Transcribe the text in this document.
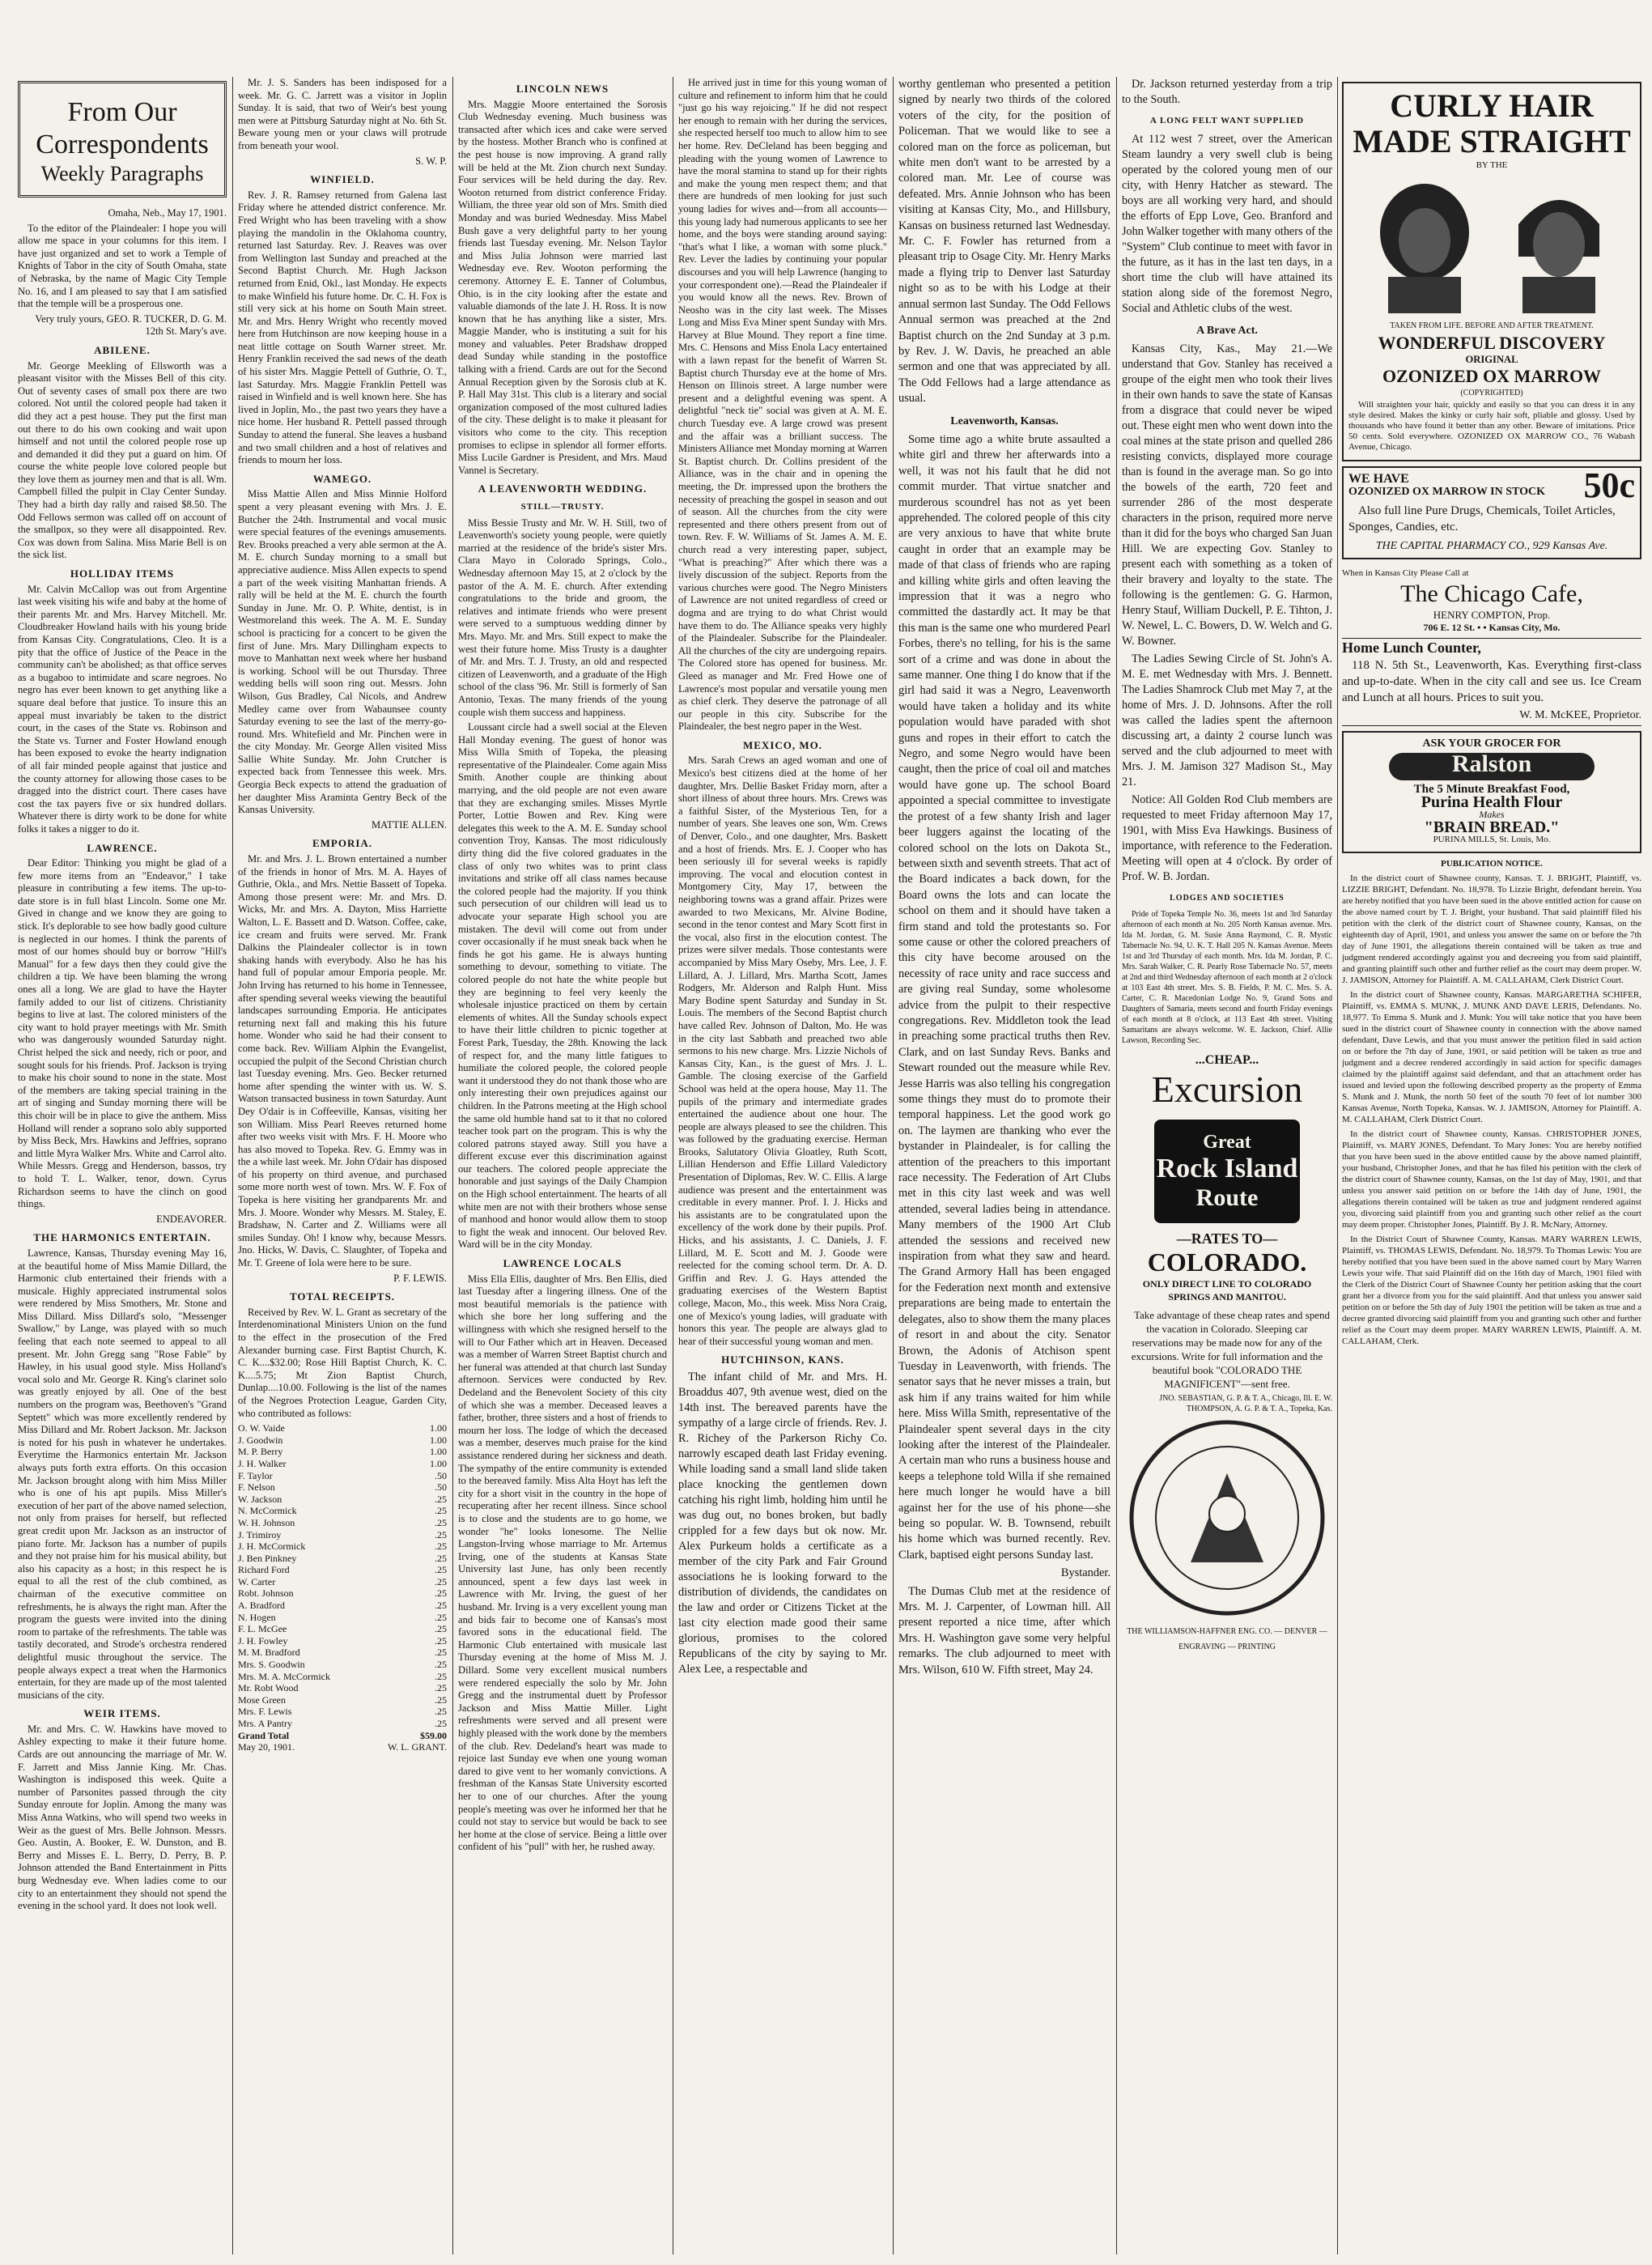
From Our Correspondents
Weekly Paragraphs

Omaha, Neb., May 17, 1901.

To the editor of the Plaindealer: I hope you will allow me space in your columns for this item. I have just organized and set to work a Temple of Knights of Tabor in the city of South Omaha, state of Nebraska, by the name of Magic City Temple No. 16, and I am pleased to say that I am satisfied that the temple will be a prosperous one.

Very truly yours, GEO. R. TUCKER, D. G. M. 12th St. Mary's ave.

ABILENE.

Mr. George Meekling of Ellsworth was a pleasant visitor with the Misses Bell of this city. Out of seventy cases of small pox there are two colored. Not until the colored people had taken it did they act a pest house. They put the first man out there to do his own cooking and wait upon himself and not until the colored people rose up and demanded it did they put a guard on him. Of course the white people love colored people but they love them as journey men and that is all. Wm. Campbell filled the pulpit in Clay Center Sunday. They had a birth day rally and raised $8.50. The Odd Fellows sermon was called off on account of the smallpox, so they were all disappointed. Rev. Cox was down from Salina. Miss Marie Bell is on the sick list.

HOLLIDAY ITEMS

Mr. Calvin McCallop was out from Argentine last week visiting his wife and baby at the home of their parents Mr. and Mrs. Harvey Mitchell. Mr. Cloudbreaker Howland hails with his young bride from Kansas City. Congratulations, Cleo. It is a pity that the office of Justice of the Peace in the community can't be abolished; as that office serves as a bugaboo to intimidate and scare negroes. No negro has ever been known to get anything like a square deal before that justice. To insure this an appeal must invariably be taken to the district court, in the cases of the State vs. Robinson and the State vs. Turner and Foster Howland enough has been exposed to evoke the hearty indignation of all fair minded people against that justice and the county attorney for allowing those cases to be dragged into the district court. There cases have cost the tax payers five or six hundred dollars. Whatever there is dirty work to be done for white folks it takes a nigger to do it.

LAWRENCE.

Dear Editor: Thinking you might be glad of a few more items from an "Endeavor," I take pleasure in contributing a few items. The up-to-date store is in full blast Lincoln. Some one Mr. Gived in change and we know they are going to stick. It's deplorable to see how badly good culture is neglected in our homes. I think the parents of most of our homes should buy or borrow "Hill's Manual" for a few days then they could give the children a tip. We have been blaming the wrong ones all a long. We are glad to have the Hayter family added to our list of citizens. Christianity begins to live at last. The colored ministers of the city want to hold prayer meetings with Mr. Smith who was dangerously wounded Saturday night. Christ helped the sick and needy, rich or poor, and sought souls for his friends. Prof. Jackson is trying to make his choir sound to none in the state. Most of the members are taking special training in the art of singing and Sunday morning there will be this choir will be in place to give the anthem. Miss Holland will render a soprano solo ably supported by Miss Beck, Mrs. Hawkins and Jeffries, soprano and little Myra Walker Mrs. White and Carrol alto. While Messrs. Gregg and Henderson, bassos, try to hold T. L. Walker, tenor, down. Cyrus Richardson seems to have the clinch on good things.

ENDEAVORER.

THE HARMONICS ENTERTAIN.

Lawrence, Kansas, Thursday evening May 16, at the beautiful home of Miss Mamie Dillard, the Harmonic club entertained their friends with a musicale. Highly appreciated instrumental solos were rendered by Miss Smothers, Mr. Stone and Miss Dillard. Miss Dillard's solo, "Messenger Swallow," by Lange, was played with so much feeling that each note seemed to appeal to all present. Mr. John Gregg sang "Rose Fable" by Hawley, in his usual good style. Miss Holland's vocal solo and Mr. George R. King's clarinet solo was greatly enjoyed by all. One of the best numbers on the program was, Beethoven's "Grand Septett" which was more excellently rendered by Miss Dillard and Mr. Robert Jackson. Mr. Jackson is noted for his push in whatever he undertakes. Everytime the Harmonics entertain Mr. Jackson always puts forth extra efforts. On this occasion Mr. Jackson brought along with him Miss Miller who is one of his apt pupils. Miss Miller's execution of her part of the above named selection, not only from praises for herself, but reflected great credit upon Mr. Jackson as an instructor of piano forte. Mr. Jackson has a number of pupils and they not praise him for his musical ability, but also his capacity as a host; in this respect he is equal to all the rest of the club combined, as chairman of the executive committee on refreshments, he is always the right man. After the program the guests were invited into the dining room to partake of the refreshments. The table was tastily decorated, and Strode's orchestra rendered delightful music throughout the service. The people always expect a treat when the Harmonics entertain, for they are made up of the most talented musicians of the city.

WEIR ITEMS.

Mr. and Mrs. C. W. Hawkins have moved to Ashley expecting to make it their future home. Cards are out announcing the marriage of Mr. W. F. Jarrett and Miss Jannie King. Mr. Chas. Washington is indisposed this week. Quite a number of Parsonites passed through the city Sunday enroute for Joplin. Among the many was Miss Anna Watkins, who will spend two weeks in Weir as the guest of Mrs. Belle Johnson. Messrs. Geo. Austin, A. Booker, E. W. Dunston, and B. Berry and Misses E. L. Berry, D. Perry, B. P. Johnson attended the Band Entertainment in Pitts burg Wednesday eve. When ladies come to our city to an entertainment they should not spend the evening in the school yard. It does not look well.

Mr. J. S. Sanders has been indisposed for a week. Mr. G. C. Jarrett was a visitor in Joplin Sunday. It is said, that two of Weir's best young men were at Pittsburg Saturday night at No. 6th St. Beware young men or your claws will protrude from beneath your wool.

S. W. P.

WINFIELD.

Rev. J. R. Ramsey returned from Galena last Friday where he attended district conference. Mr. Fred Wright who has been traveling with a show playing the mandolin in the Oklahoma country, returned last Saturday. Rev. J. Reaves was over from Wellington last Sunday and preached at the Second Baptist Church. Mr. Hugh Jackson returned from Enid, Okl., last Monday. He expects to make Winfield his future home. Dr. C. H. Fox is still very sick at his home on South Main street. Mr. and Mrs. Henry Wright who recently moved here from Hutchinson are now keeping house in a neat little cottage on South Warner street. Mr. Henry Franklin received the sad news of the death of his sister Mrs. Maggie Pettell of Guthrie, O. T., last Saturday. Mrs. Maggie Franklin Pettell was raised in Winfield and is well known here. She has lived in Joplin, Mo., the past two years they have a nice home. Her husband R. Pettell passed through Sunday to attend the funeral. She leaves a husband and two small children and a host of relatives and friends to mourn her loss.

WAMEGO.

Miss Mattie Allen and Miss Minnie Holford spent a very pleasant evening with Mrs. J. E. Butcher the 24th. Instrumental and vocal music were special features of the evenings amusements. Rev. Brooks preached a very able sermon at the A. M. E. church Sunday morning to a small but appreciative audience. Miss Allen expects to spend a part of the week visiting Manhattan friends. A rally will be held at the M. E. church the fourth Sunday in June. Mr. O. P. White, dentist, is in Westmoreland this week. The A. M. E. Sunday school is practicing for a concert to be given the first of June. Mrs. Mary Dillingham expects to move to Manhattan next week where her husband is working. School will be out Thursday. Three wedding bells will soon ring out. Messrs. John Wilson, Gus Bradley, Cal Nicols, and Andrew Medley came over from Wabaunsee county Saturday evening to see the last of the merry-go-round. Mrs. Whitefield and Mr. Pinchen were in the city Monday. Mr. George Allen visited Miss Sallie White Sunday. Mr. John Crutcher is expected back from Tennessee this week. Mrs. Georgia Beck expects to attend the graduation of her daughter Miss Araminta Gentry Beck of the Kansas University.

MATTIE ALLEN.

EMPORIA.

Mr. and Mrs. J. L. Brown entertained a number of the friends in honor of Mrs. M. A. Hayes of Guthrie, Okla., and Mrs. Nettie Bassett of Topeka. Among those present were: Mr. and Mrs. D. Wicks, Mr. and Mrs. A. Dayton, Miss Harriette Walton, L. E. Bassett and D. Watson. Coffee, cake, ice cream and fruits were served. Mr. Frank Dalkins the Plaindealer collector is in town shaking hands with everybody. Also he has his hand full of popular amour Emporia people. Mr. John Irving has returned to his home in Tennessee, after spending several weeks viewing the beautiful landscapes surrounding Emporia. He anticipates returning next fall and making this his future home. Wonder who said he had their consent to come back. Rev. William Alphin the Evangelist, occupied the pulpit of the Second Christian church last Tuesday evening. Mrs. Geo. Becker returned home after spending the winter with us. W. S. Watson transacted business in town Saturday. Aunt Dey O'dair is in Coffeeville, Kansas, visiting her son William. Miss Pearl Reeves returned home after two weeks visit with Mrs. F. H. Moore who has also moved to Topeka. Rev. G. Emmy was in the a while last week. Mr. John O'dair has disposed of his property on third avenue, and purchased some more north west of town. Mrs. W. F. Fox of Topeka is here visiting her grandparents Mr. and Mrs. J. Moore. Wonder why Messrs. M. Staley, E. Bradshaw, N. Carter and Z. Williams were all smiles Sunday. Oh! I know why, because Messrs. Jno. Hicks, W. Davis, C. Slaughter, of Topeka and Mr. T. Greene of Iola were here to be sure.

P. F. LEWIS.

TOTAL RECEIPTS.

Received by Rev. W. L. Grant as secretary of the Interdenominational Ministers Union on the fund to the effect in the prosecution of the Fred Alexander burning case. First Baptist Church, K. C. K....$32.00; Rose Hill Baptist Church, K. C. K....5.75; Mt Zion Baptist Church, Dunlap....10.00. Following is the list of the names of the Negroes Protection League, Garden City, who contributed as follows:

O. W. Vaide	1.00
J. Goodwin	1.00
M. P. Berry	1.00
J. H. Walker	1.00
F. Taylor	.50
F. Nelson	.50
W. Jackson	.25
N. McCormick	.25
W. H. Johnson	.25
J. Trimiroy	.25
J. H. McCormick	.25
J. Ben Pinkney	.25
Richard Ford	.25
W. Carter	.25
Robt. Johnson	.25
A. Bradford	.25
N. Hogen	.25
F. L. McGee	.25
J. H. Fowley	.25
M. M. Bradford	.25
Mrs. S. Goodwin	.25
Mrs. M. A. McCormick	.25
Mr. Robt Wood	.25
Mose Green	.25
Mrs. F. Lewis	.25
Mrs. A Pantry	.25
Grand Total	$59.00
May 20, 1901.	W. L. GRANT.
LINCOLN NEWS

Mrs. Maggie Moore entertained the Sorosis Club Wednesday evening. Much business was transacted after which ices and cake were served by the hostess. Mother Branch who is confined at the pest house is now improving. A grand rally will be held at the Mt. Zion church next Sunday. Four services will be held during the day. Rev. Wooton returned from district conference Friday. William, the three year old son of Mrs. Smith died Monday and was buried Wednesday. Miss Mabel Bush gave a very delightful party to her young friends last Tuesday evening. Mr. Nelson Taylor and Miss Julia Johnson were married last Wednesday eve. Rev. Wooton performing the ceremony. Attorney E. E. Tanner of Columbus, Ohio, is in the city looking after the estate and valuable diamonds of the late J. H. Ross. It is now known that he has anything like a sister, Mrs. Maggie Mander, who is instituting a suit for his money and valuables. Peter Bradshaw dropped dead Sunday while standing in the postoffice talking with a friend. Cards are out for the Second Annual Reception given by the Sorosis club at K. P. Hall May 31st. This club is a literary and social organization composed of the most cultured ladies of the city. These delight is to make it pleasant for visitors who come to the city. This reception promises to eclipse in splendor all former efforts. Miss Lucile Gardner is President, and Mrs. Maud Vannel is Secretary.

A LEAVENWORTH WEDDING.
STILL—TRUSTY.

Miss Bessie Trusty and Mr. W. H. Still, two of Leavenworth's society young people, were quietly married at the residence of the bride's sister Mrs. Clara Mayo in Colorado Springs, Colo., Wednesday afternoon May 15, at 2 o'clock by the pastor of the A. M. E. church. After extending congratulations to the bride and groom, the relatives and intimate friends who were present were served to a sumptuous wedding dinner by Mrs. Mayo. Mr. and Mrs. Still expect to make the west their future home. Miss Trusty is a daughter of Mr. and Mrs. T. J. Trusty, an old and respected citizen of Leavenworth, and a graduate of the High school of the class '96. Mr. Still is formerly of San Antonio, Texas. The many friends of the young couple wish them success and happiness.

Loussant circle had a swell social at the Eleven Hall Monday evening. The guest of honor was Miss Willa Smith of Topeka, the pleasing representative of the Plaindealer. Come again Miss Smith. Another couple are thinking about marrying, and the old people are not even aware that they are exchanging smiles. Misses Myrtle Porter, Lottie Bowen and Rev. King were delegates this week to the A. M. E. Sunday school convention Troy, Kansas. The most ridiculously dirty thing did the five colored graduates in the class of only two whites was to print class invitations and strike off all class names because the colored people had the majority. If you think such persecution of our children will lead us to advocate your separate High school you are mistaken. The devil will come out from under cover occasionally if he must sneak back when he finds he got his game. He is always hunting something to devour, something to vitiate. The colored people do not hate the white people but they are beginning to feel very keenly the wholesale injustice practiced on them by certain elements of whites. All the Sunday schools expect to have their little children to picnic together at Forest Park, Tuesday, the 28th. Knowing the lack of respect for, and the many little fatigues to humiliate the colored people, the colored people want it understood they do not thank those who are only interesting their own prejudices against our children. In the Patrons meeting at the High school the same old humble hand sat to it that no colored teacher took part on the program. This is why the colored patrons stayed away. Still you have a different excuse ever this discrimination against our teachers. The colored people appreciate the honorable and just sayings of the Daily Champion on the High school entertainment. The hearts of all white men are not with their brothers whose sense of manhood and honor would allow them to stoop to fight the weak and innocent. Our beloved Rev. Ward will be in the city Monday.

LAWRENCE LOCALS

Miss Ella Ellis, daughter of Mrs. Ben Ellis, died last Tuesday after a lingering illness. One of the most beautiful memorials is the patience with which she bore her long suffering and the willingness with which she resigned herself to the will to Our Father which art in Heaven. Deceased was a member of Warren Street Baptist church and her funeral was attended at that church last Sunday afternoon. Services were conducted by Rev. Dedeland and the Benevolent Society of this city of which she was a member. Deceased leaves a father, brother, three sisters and a host of friends to mourn her loss. The lodge of which the deceased was a member, deserves much praise for the kind assistance rendered during her sickness and death. The sympathy of the entire community is extended to the bereaved family. Miss Alta Hoyt has left the city for a short visit in the country in the hope of recuperating after her recent illness. Since school is to close and the students are to go home, we wonder "he" looks lonesome. The Nellie Langston-Irving whose marriage to Mr. Artemus Irving, one of the students at Kansas State University last June, has only been recently announced, spent a few days last week in Lawrence with Mr. Irving, the guest of her husband. Mr. Irving is a very excellent young man and bids fair to become one of Kansas's most favored sons in the educational field. The Harmonic Club entertained with musicale last Thursday evening at the home of Miss M. J. Dillard. Some very excellent musical numbers were rendered especially the solo by Mr. John Gregg and the instrumental duett by Professor Jackson and Miss Mattie Miller. Light refreshments were served and all present were highly pleased with the work done by the members of the club. Rev. Dedeland's heart was made to rejoice last Sunday eve when one young woman dared to give vent to her womanly convictions. A freshman of the Kansas State University escorted her to one of our churches. After the young people's meeting was over he informed her that he could not stay to service but would be back to see her home at the close of service. Being a little over confident of his "pull" with her, he rushed away.

He arrived just in time for this young woman of culture and refinement to inform him that he could "just go his way rejoicing." If he did not respect her enough to remain with her during the services, she respected herself too much to allow him to see her home. Rev. DeCleland has been begging and pleading with the young women of Lawrence to have the moral stamina to stand up for their rights and make the young men respect them; and that there are hundreds of men looking for just such young ladies for wives and—from all accounts—this young lady had numerous applicants to see her home, and the boys were standing around saying: "that's what I like, a woman with some pluck." Rev. Lever the ladies by continuing your popular discourses and you will help Lawrence (hanging to your correspondent one).—Read the Plaindealer if you would know all the news. Rev. Brown of Neosho was in the city last week. The Misses Long and Miss Eva Miner spent Sunday with Mrs. Harvey at Blue Mound. They report a fine time. Mrs. C. Hensons and Miss Enola Lacy entertained with a lawn repast for the benefit of Warren St. Baptist church Thursday eve at the home of Mrs. Henson on Illinois street. A large number were present and a delightful evening was spent. A delightful "neck tie" social was given at A. M. E. church Tuesday eve. A large crowd was present and the affair was a brilliant success. The Ministers Alliance met Monday morning at Warren St. Baptist church. Dr. Collins president of the Alliance, was in the chair and in opening the meeting, the Dr. impressed upon the brothers the necessity of preaching the gospel in season and out of season. All the churches from the city were represented and there others present from out of town. Rev. F. W. Williams of St. James A. M. E. church read a very interesting paper, subject, "What is preaching?" After which there was a lively discussion of the subject. Reports from the various churches were good. The Negro Ministers of Lawrence are not united regardless of creed or dogma and are trying to do what Christ would have them to do. The Alliance speaks very highly of the Plaindealer. Subscribe for the Plaindealer. All the churches of the city are undergoing repairs. The Colored store has opened for business. Mr. Gleed as manager and Mr. Fred Howe one of Lawrence's most popular and versatile young men as chief clerk. They deserve the patronage of all our people in this city. Subscribe for the Plaindealer, the best negro paper in the West.

MEXICO, MO.

Mrs. Sarah Crews an aged woman and one of Mexico's best citizens died at the home of her daughter, Mrs. Dellie Basket Friday morn, after a short illness of about three hours. Mrs. Crews was a faithful Sister, of the Mysterious Ten, for a number of years. She leaves one son, Wm. Crews of Denver, Colo., and one daughter, Mrs. Baskett and a host of friends. Mrs. E. J. Cooper who has been seriously ill for several weeks is rapidly improving. The vocal and elocution contest in Montgomery City, May 17, between the neighboring towns was a grand affair. Prizes were awarded to two Mexicans, Mr. Alvine Bodine, second in the tenor contest and Mary Scott first in the vocal, also first in the elocution contest. The prizes were silver medals. Those contestants were accompanied by Miss Mary Oseby, Mrs. Lee, J. F. Lillard, A. J. Lillard, Mrs. Martha Scott, James Rodgers, Mr. Alderson and Ralph Hunt. Miss Mary Bodine spent Saturday and Sunday in St. Louis. The members of the Second Baptist church have called Rev. Johnson of Dalton, Mo. He was in the city last Sabbath and preached two able sermons to his new charge. Mrs. Lizzie Nichols of Kansas City, Kan., is the guest of Mrs. J. L. Gamble. The closing exercise of the Garfield School was held at the opera house, May 11. The pupils of the primary and intermediate grades entertained the audience about one hour. The people are always pleased to see the children. This was followed by the graduating exercise. Herman Brooks, Salutatory Olivia Gloatley, Ruth Scott, Lillian Henderson and Effie Lillard Valedictory Presentation of Diplomas, Rev. W. C. Ellis. A large audience was present and the entertainment was creditable in every manner. Prof. I. J. Hicks and his assistants are to be congratulated upon the excellency of the work done by their pupils. Prof. Hicks, and his assistants, J. C. Daniels, J. F. Lillard, M. E. Scott and M. J. Goode were reelected for the coming school term. Dr. A. D. Griffin and Rev. J. G. Hays attended the graduating exercises of the Western Baptist college, Macon, Mo., this week. Miss Nora Craig, one of Mexico's young ladies, will graduate with honors this year. The people are always glad to hear of their successful young woman and men.

HUTCHINSON, KANS.

The infant child of Mr. and Mrs. H. Broaddus 407, 9th avenue west, died on the 14th inst. The bereaved parents have the sympathy of a large circle of friends. Rev. J. R. Richey of the Parkerson Richy Co. narrowly escaped death last Friday evening. While loading sand a small land slide taken place knocking the gentlemen down catching his right limb, holding him until he was dug out, no bones broken, but badly crippled for a few days but ok now. Mr. Alex Purkeum holds a certificate as a member of the city Park and Fair Ground associations he is looking forward to the distribution of dividends, the candidates on the law and order or Citizens Ticket at the last city election made good their same glorious, promises to the colored Republicans of the city by saying to Mr. Alex Lee, a respectable and

worthy gentleman who presented a petition signed by nearly two thirds of the colored voters of the city, for the position of Policeman. That we would like to see a colored man on the force as policeman, but white men don't want to be arrested by a colored man. Mr. Lee of course was defeated. Mrs. Annie Johnson who has been visiting at Kansas City, Mo., and Hillsbury, Kansas on business returned last Wednesday. Mr. C. F. Fowler has returned from a pleasant trip to Osage City. Mr. Henry Marks made a flying trip to Denver last Saturday night so as to be with his Lodge at their annual sermon last Sunday. The Odd Fellows Annual sermon was preached at the 2nd Baptist church on the 2nd Sunday at 3 p.m. by Rev. J. W. Davis, he preached an able sermon and one that was appreciated by all. The Odd Fellows had a large attendance as usual.

Leavenworth, Kansas.

Some time ago a white brute assaulted a white girl and threw her afterwards into a well, it was not his fault that he did not commit murder. That virtue snatcher and murderous scoundrel has not as yet been apprehended. The colored people of this city are very anxious to have that white brute caught in order that an example may be made of that class of friends who are raping and killing white girls and often leaving the impression that it was a negro who committed the dastardly act. It may be that this man is the same one who murdered Pearl Forbes, there's no telling, for his is the same sort of a crime and was done in about the same manner. One thing I do know that if the girl had said it was a Negro, Leavenworth would have taken a holiday and its white population would have paraded with shot guns and ropes in their effort to catch the Negro, and some Negro would have been caught, then the price of coal oil and matches would have gone up. The school Board appointed a special committee to investigate the protest of a few shanty Irish and lager beer luggers against the locating of the colored school on the lots on Dakota St., between sixth and seventh streets. That act of the Board indicates a back down, for the Board owns the lots and can locate the school on them and it should have taken a firm stand and told the protestants so. For some cause or other the colored preachers of this city have become aroused on the necessity of race unity and race success and are giving real Sunday, some wholesome advice from the pulpit to their respective congregations. Rev. Middleton took the lead in preaching some practical truths then Rev. Clark, and on last Sunday Revs. Banks and Stewart rounded out the measure while Rev. Jesse Harris was also telling his congregation some things they must do to promote their temporal happiness. Let the good work go on. The laymen are thanking who ever the bystander in Plaindealer, is for calling the attention of the preachers to this important race necessity. The Federation of Art Clubs met in this city last week and was well attended, several ladies being in attendance. Many members of the 1900 Art Club attended the sessions and received new inspiration from what they saw and heard. The Grand Armory Hall has been engaged for the Federation next month and extensive preparations are being made to entertain the delegates, also to show them the many places of resort in and about the city. Senator Brown, the Adonis of Atchison spent Tuesday in Leavenworth, with friends. The senator says that he never misses a train, but ask him if any trains waited for him while here. Miss Willa Smith, representative of the Plaindealer spent several days in the city looking after the interest of the Plaindealer. A certain man who runs a business house and keeps a telephone told Willa if she remained here much longer he would have a bill against her for the use of his phone—she being so popular. W. B. Townsend, rebuilt his home which was burned recently. Rev. Clark, baptised eight persons Sunday last.

Bystander.

The Dumas Club met at the residence of Mrs. M. J. Carpenter, of Lowman hill. All present reported a nice time, after which Mrs. H. Washington gave some very helpful remarks. The club adjourned to meet with Mrs. Wilson, 610 W. Fifth street, May 24.

Dr. Jackson returned yesterday from a trip to the South.

A LONG FELT WANT SUPPLIED

At 112 west 7 street, over the American Steam laundry a very swell club is being operated by the colored young men of our city, with Henry Hatcher as steward. The boys are all working very hard, and should the efforts of Epp Love, Geo. Branford and John Walker together with many others of the "System" Club continue to meet with favor in the future, as it has in the last ten days, in a short time the club will have attained its station along side of the foremost Negro, Social and Athletic clubs of the west.

A Brave Act.

Kansas City, Kas., May 21.—We understand that Gov. Stanley has received a groupe of the eight men who took their lives in their own hands to save the state of Kansas from a disgrace that could never be wiped out. These eight men who went down into the coal mines at the state prison and quelled 286 resisting convicts, displayed more courage than is found in the average man. So go into the bowels of the earth, 720 feet and surrender 286 of the most desperate characters in the prison, required more nerve than it did for the boys who charged San Juan Hill. We are expecting Gov. Stanley to present each with something as a token of their bravery and loyalty to the state. The following is the gentlemen: G. G. Harmon, Henry Stauf, William Duckell, P. E. Tihton, J. W. Newel, L. C. Bowers, D. W. Welch and G. W. Bowner.

The Ladies Sewing Circle of St. John's A. M. E. met Wednesday with Mrs. J. Bennett. The Ladies Shamrock Club met May 7, at the home of Mrs. J. D. Johnsons. After the roll was called the ladies spent the afternoon discussing art, a dainty 2 course lunch was served and the club adjourned to meet with Mrs. J. M. Jamison 327 Madison St., May 21.

Notice: All Golden Rod Club members are requested to meet Friday afternoon May 17, 1901, with Miss Eva Hawkings. Business of importance, with reference to the Federation. Meeting will open at 4 o'clock. By order of Prof. W. B. Jordan.

LODGES AND SOCIETIES

Pride of Topeka Temple No. 36, meets 1st and 3rd Saturday afternoon of each month at No. 205 North Kansas avenue. Mrs. Ida M. Jordan, G. M. Susie Anna Raymond, C. R. Mystic Tabernacle No. 94, U. K. T. Hall 205 N. Kansas Avenue. Meets 1st and 3rd Thursday of each month. Mrs. Ida M. Jordan, P. C. Mrs. Sarah Walker, C. R. Pearly Rose Tabernacle No. 57, meets at 2nd and third Wednesday afternoon of each month at 2 o'clock at 103 East 4th street. Mrs. S. B. Fields, P. M. C. Mrs. S. A. Carter, C. R. Macedonian Lodge No. 9, Grand Sons and Daughters of Samaria, meets second and fourth Friday evenings of each month at 8 o'clock, at 113 East 4th street. Visiting Samaritans are always welcome. W. E. Jackson, Chief. Allie Lawson, Recording Sec.

...CHEAP...
Excursion
Great
Rock Island
Route
—RATES TO—
COLORADO.
ONLY DIRECT LINE TO COLORADO SPRINGS AND MANITOU.

Take advantage of these cheap rates and spend the vacation in Colorado. Sleeping car reservations may be made now for any of the excursions. Write for full information and the beautiful book "COLORADO THE MAGNIFICENT"—sent free.

JNO. SEBASTIAN, G. P. & T. A., Chicago, Ill. E. W. THOMPSON, A. G. P. & T. A., Topeka, Kas.

THE WILLIAMSON-HAFFNER ENG. CO. — DENVER — ENGRAVING — PRINTING
CURLY HAIR
MADE STRAIGHT
BY THE

TAKEN FROM LIFE. BEFORE AND AFTER TREATMENT.
WONDERFUL DISCOVERY
ORIGINAL
OZONIZED OX MARROW
(COPYRIGHTED)

Will straighten your hair, quickly and easily so that you can dress it in any style desired. Makes the kinky or curly hair soft, pliable and glossy. Used by thousands who have found it better than any other. Beware of imitations. Price 50 cents. Sold everywhere. OZONIZED OX MARROW CO., 76 Wabash Avenue, Chicago.

WE HAVE
OZONIZED OX MARROW IN STOCK 50c

Also full line Pure Drugs, Chemicals, Toilet Articles, Sponges, Candies, etc.

THE CAPITAL PHARMACY CO., 929 Kansas Ave.
When in Kansas City Please Call at
The Chicago Cafe,
HENRY COMPTON, Prop.
706 E. 12 St. • • Kansas City, Mo.
Home Lunch Counter,

118 N. 5th St., Leavenworth, Kas. Everything first-class and up-to-date. When in the city call and see us. Ice Cream and Lunch at all hours. Prices to suit you.

W. M. McKEE, Proprietor.
ASK YOUR GROCER FOR
Ralston
The 5 Minute Breakfast Food,
Purina Health Flour
Makes
"BRAIN BREAD."
PURINA MILLS, St. Louis, Mo.
PUBLICATION NOTICE.

In the district court of Shawnee county, Kansas. T. J. BRIGHT, Plaintiff, vs. LIZZIE BRIGHT, Defendant. No. 18,978. To Lizzie Bright, defendant herein. You are hereby notified that you have been sued in the above entitled action for cause on the above named court by T. J. Bright, your husband. That said plaintiff filed his petition with the clerk of the district court of Shawnee county, Kansas, on the eighteenth day of April, 1901, and unless you answer the same on or before the 7th day of June 1901, the allegations therein contained will be taken as true and judgment rendered accordingly against you and decreeing you from said plaintiff, and granting plaintiff such other and further relief as the court may deem proper. W. J. JAMISON, Attorney for Plaintiff. A. M. CALLAHAM, Clerk District Court.

In the district court of Shawnee county, Kansas. MARGARETHA SCHIFER, Plaintiff, vs. EMMA S. MUNK, J. MUNK AND DAVE LERIS, Defendants. No. 18,977. To Emma S. Munk and J. Munk: You will take notice that you have been sued in the district court of Shawnee county in connection with the above named defendant, Dave Lewis, and that you must answer the petition filed in said action on or before the 7th day of June, 1901, or said petition will be taken as true and judgment and a decree rendered accordingly in said action for specific damages claimed by the plaintiff against said defendant, and that an attachment order has issued and levied upon the following described property as the property of Emma S. Munk and J. Munk, the north 50 feet of the south 70 feet of lot number 300 Kansas Avenue, North Topeka, Kansas. W. J. JAMISON, Attorney for Plaintiff. A. M. CALLAHAM, Clerk District Court.

In the district court of Shawnee county, Kansas. CHRISTOPHER JONES, Plaintiff, vs. MARY JONES, Defendant. To Mary Jones: You are hereby notified that you have been sued in the above entitled cause by the above named plaintiff, your husband, Christopher Jones, and that he has filed his petition with the clerk of the district court of Shawnee county, Kansas, on the 1st day of May, 1901, and that unless you answer said petition on or before the 14th day of June, 1901, the allegations therein contained will be taken as true and judgment rendered against you, divorcing said plaintiff from you and granting such other relief as the court may deem proper. Christopher Jones, Plaintiff. By J. R. McNary, Attorney.

In the District Court of Shawnee County, Kansas. MARY WARREN LEWIS, Plaintiff, vs. THOMAS LEWIS, Defendant. No. 18,979. To Thomas Lewis: You are hereby notified that you have been sued in the above named court by Mary Warren Lewis your wife. That said Plaintiff did on the 16th day of March, 1901 filed with the Clerk of the District Court of Shawnee County her petition asking that the court grant her a divorce from you for the said plaintiff. And that unless you answer said petition on or before the 5th day of July 1901 the petition will be taken as true and a decree granted divorcing said plaintiff from you and granting such other and further relief as the Court may deem proper. MARY WARREN LEWIS, Plaintiff. A. M. CALLAHAM, Clerk.
